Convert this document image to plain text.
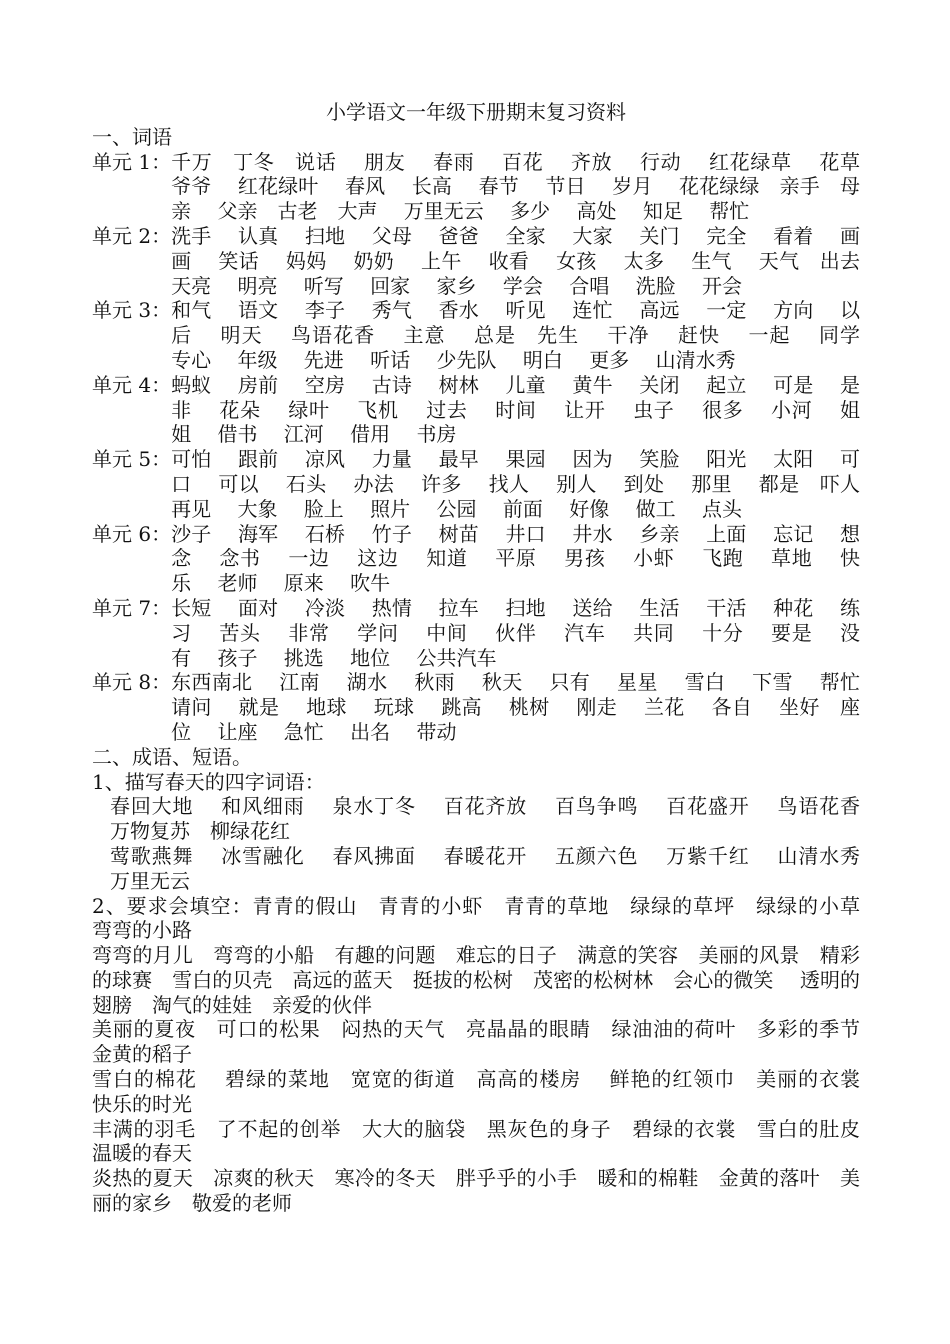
小学语文一年级下册期末复习资料
一、词语
单元 1： 千万　丁冬　说话　 朋友　 春雨　 百花　 齐放　 行动　 红花绿草　 花草　爷爷　 红花绿叶　 春风　 长高　 春节　 节日　 岁月　 花花绿绿　亲手　母亲　 父亲　古老　大声　 万里无云　 多少　 高处　 知足　 帮忙
单元 2： 洗手　 认真　 扫地　 父母　 爸爸　 全家　 大家　 关门　 完全　 看着　 画　画　 笑话　 妈妈　 奶奶　 上午　 收看　 女孩　 太多　 生气　 天气　出去　天亮　 明亮　 听写　 回家　 家乡　 学会　 合唱　 洗脸　 开会
单元 3： 和气　 语文　 李子　 秀气　 香水　 听见　 连忙　 高远　 一定　 方向　 以　后　 明天　 鸟语花香　 主意　 总是　先生　 干净　 赶快　 一起　 同学　专心　 年级　 先进　 听话　 少先队　 明白　 更多　 山清水秀
单元 4： 蚂蚁　 房前　 空房　 古诗　 树林　 儿童　 黄牛　 关闭　 起立　 可是　 是　非　 花朵　 绿叶　 飞机　 过去　 时间　 让开　 虫子　 很多　 小河　 姐　姐　 借书　 江河　 借用　 书房
单元 5： 可怕　 跟前　 凉风　 力量　 最早　 果园　 因为　 笑脸　 阳光　 太阳　 可　口　 可以　 石头　 办法　 许多　 找人　 别人　 到处　 那里　 都是　吓人　再见　 大象　 脸上　 照片　 公园　 前面　 好像　 做工　 点头
单元 6： 沙子　 海军　 石桥　 竹子　 树苗　 井口　 井水　 乡亲　 上面　 忘记　 想　念　 念书　 一边　 这边　 知道　 平原　 男孩　 小虾　 飞跑　 草地　 快　乐　 老师　 原来　 吹牛
单元 7： 长短　 面对　 冷淡　 热情　 拉车　 扫地　 送给　 生活　 干活　 种花　 练　习　 苦头　 非常　 学问　 中间　 伙伴　 汽车　 共同　 十分　 要是　 没　有　 孩子　 挑选　 地位　 公共汽车
单元 8： 东西南北　 江南　 湖水　 秋雨　 秋天　 只有　 星星　 雪白　 下雪　 帮忙　请问　 就是　 地球　 玩球　 跳高　 桃树　 刚走　 兰花　 各自　 坐好　座位　 让座　 急忙　 出名　 带动
二、成语、短语。
1、描写春天的四字词语：
春回大地　 和风细雨　 泉水丁冬　 百花齐放　 百鸟争鸣　 百花盛开　 鸟语花香　万物复苏　柳绿花红
莺歌燕舞　 冰雪融化　 春风拂面　 春暖花开　 五颜六色　 万紫千红　 山清水秀　万里无云
2、要求会填空：青青的假山　青青的小虾　青青的草地　绿绿的草坪　绿绿的小草　弯弯的小路
弯弯的月儿　弯弯的小船　有趣的问题　难忘的日子　满意的笑容　美丽的风景　精彩的球赛　雪白的贝壳　高远的蓝天　挺拔的松树　茂密的松树林　会心的微笑　 透明的翅膀　淘气的娃娃　亲爱的伙伴
美丽的夏夜　可口的松果　闷热的天气　亮晶晶的眼睛　绿油油的荷叶　多彩的季节　金黄的稻子
雪白的棉花　 碧绿的菜地　宽宽的街道　高高的楼房　 鲜艳的红领巾　美丽的衣裳　快乐的时光
丰满的羽毛　了不起的创举　大大的脑袋　黑灰色的身子　碧绿的衣裳　雪白的肚皮　温暖的春天
炎热的夏天　凉爽的秋天　寒冷的冬天　胖乎乎的小手　暖和的棉鞋　金黄的落叶　美丽的家乡　敬爱的老师
